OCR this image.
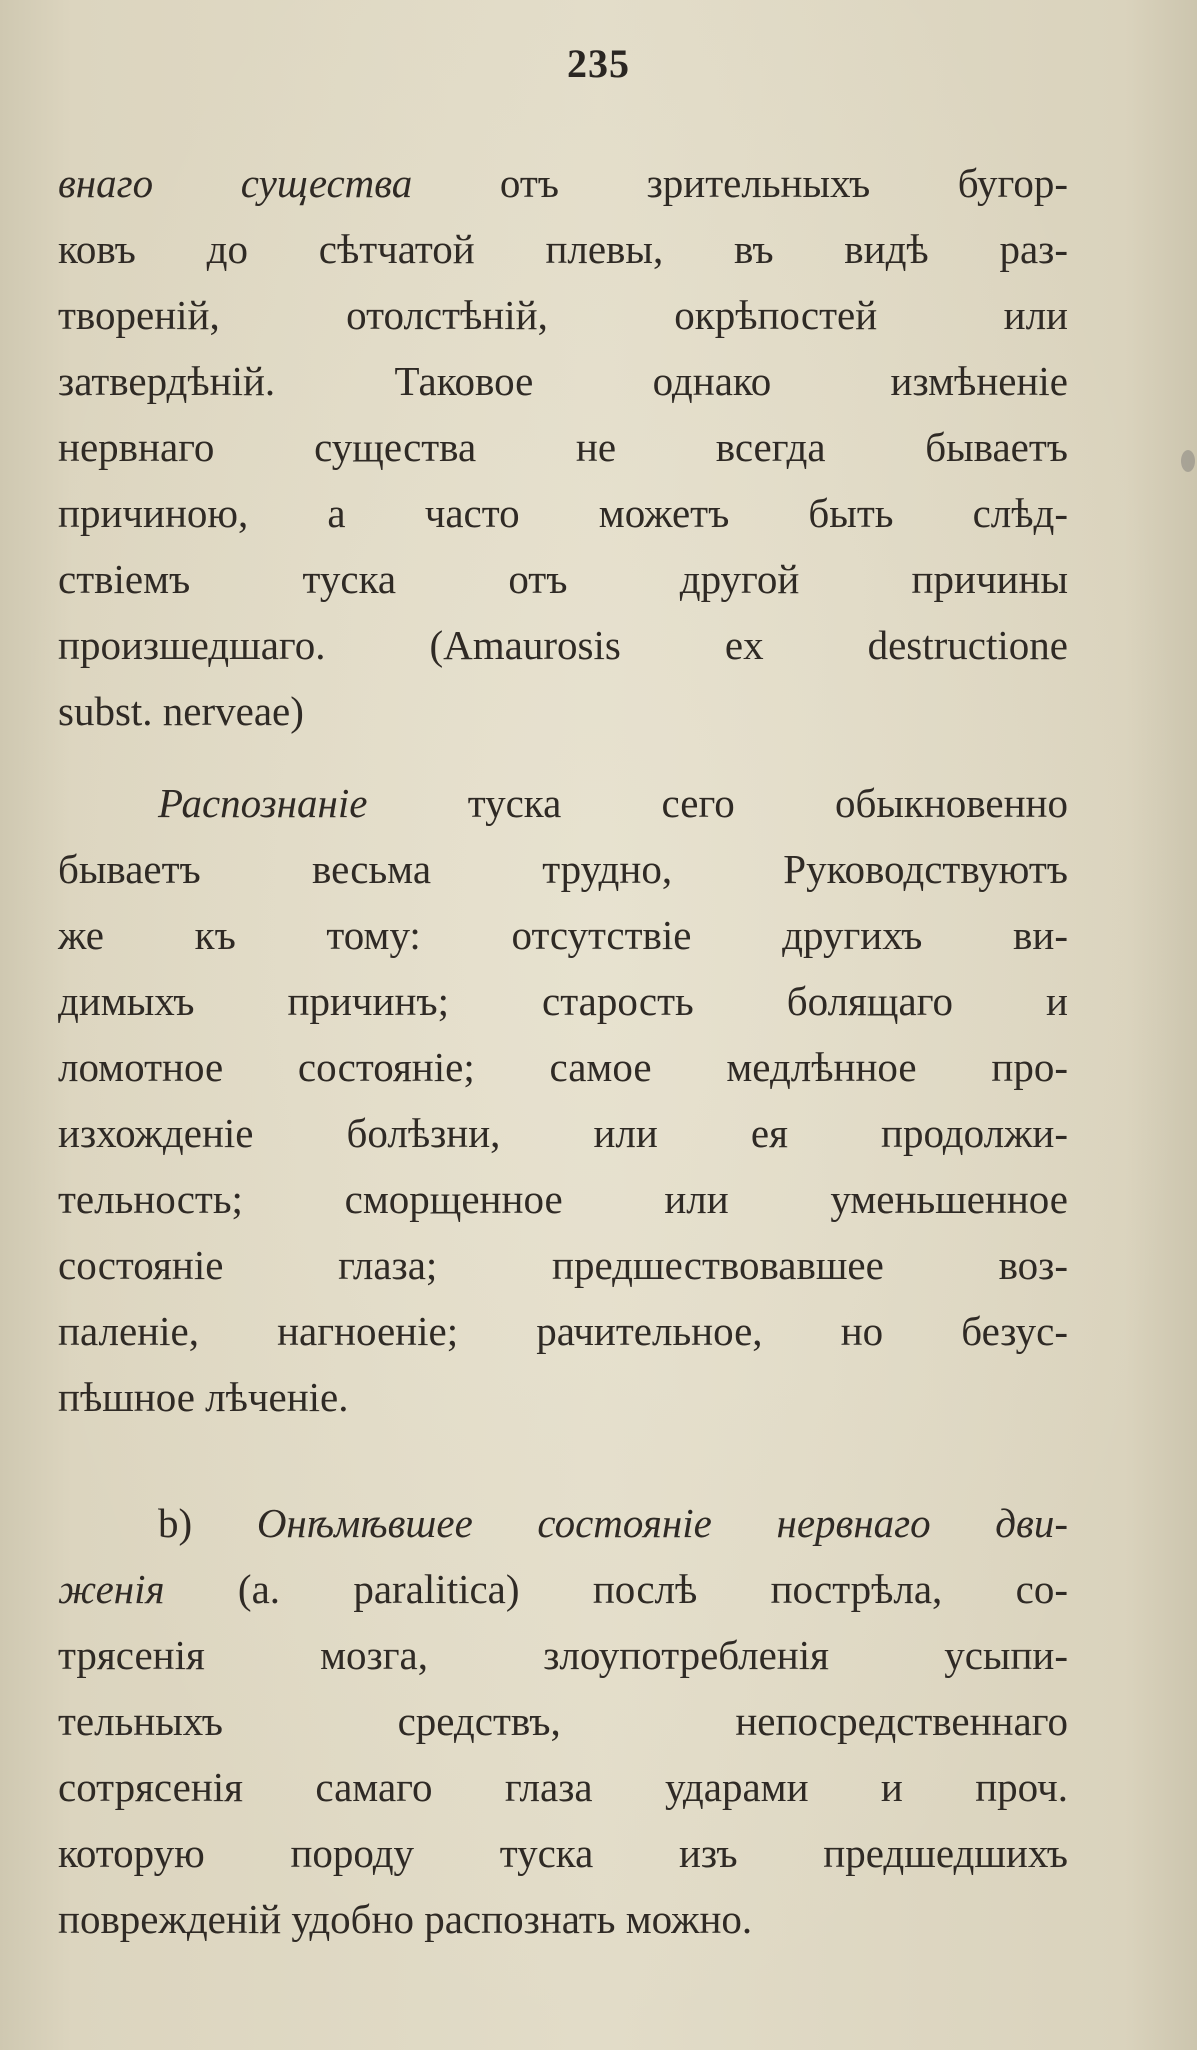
235
внаго существа отъ зрительныхъ бугор-
ковъ до сѣтчатой плевы, въ видѣ раз-
твореній, отолстѣній, окрѣпостей или
затвердѣній. Таковое однако измѣненіе
нервнаго существа не всегда бываетъ
причиною, а часто можетъ быть слѣд-
ствіемъ туска отъ другой причины
произшедшаго. (Amaurosis ex destructione
subst. nerveae)
Распознаніе туска сего обыкновенно
бываетъ весьма трудно, Руководствуютъ
же къ тому: отсутствіе другихъ ви-
димыхъ причинъ; старость болящаго и
ломотное состояніе; самое медлѣнное про-
изхожденіе болѣзни, или ея продолжи-
тельность; сморщенное или уменьшенное
состояніе глаза; предшествовавшее воз-
паленіе, нагноеніе; рачительное, но безус-
пѣшное лѣченіе.
b) Онѣмѣвшее состояніе нервнаго дви-
женія (a. paralitica) послѣ пострѣла, со-
трясенія мозга, злоупотребленія усыпи-
тельныхъ средствъ, непосредственнаго
сотрясенія самаго глаза ударами и проч.
которую породу туска изъ предшедшихъ
поврежденій удобно распознать можно.
